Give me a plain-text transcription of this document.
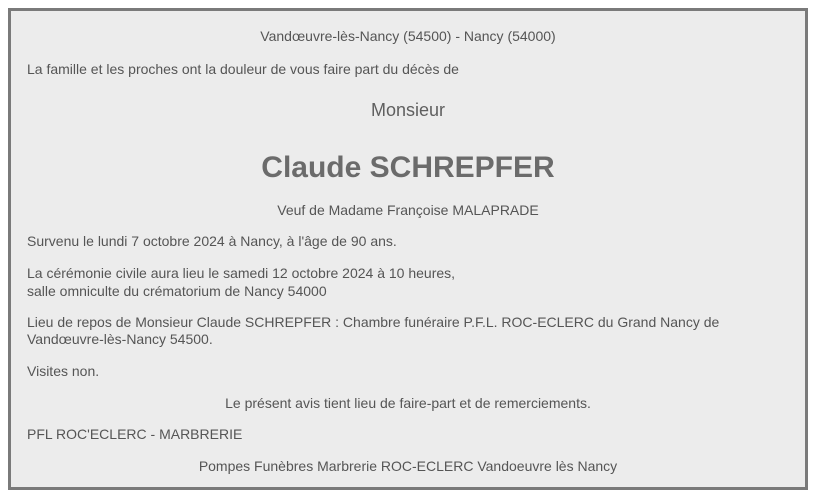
Vandœuvre-lès-Nancy (54500) - Nancy (54000)

La famille et les proches ont la douleur de vous faire part du décès de

Monsieur

Claude SCHREPFER

Veuf de Madame Françoise MALAPRADE

Survenu le lundi 7 octobre 2024 à Nancy, à l'âge de 90 ans.

La cérémonie civile aura lieu le samedi 12 octobre 2024 à 10 heures,

salle omniculte du crématorium de Nancy 54000

Lieu de repos de Monsieur Claude SCHREPFER : Chambre funéraire P.F.L. ROC-ECLERC du Grand Nancy de

Vandœuvre-lès-Nancy 54500.

Visites non.

Le présent avis tient lieu de faire-part et de remerciements.

PFL ROC'ECLERC - MARBRERIE

Pompes Funèbres Marbrerie ROC-ECLERC Vandoeuvre lès Nancy
